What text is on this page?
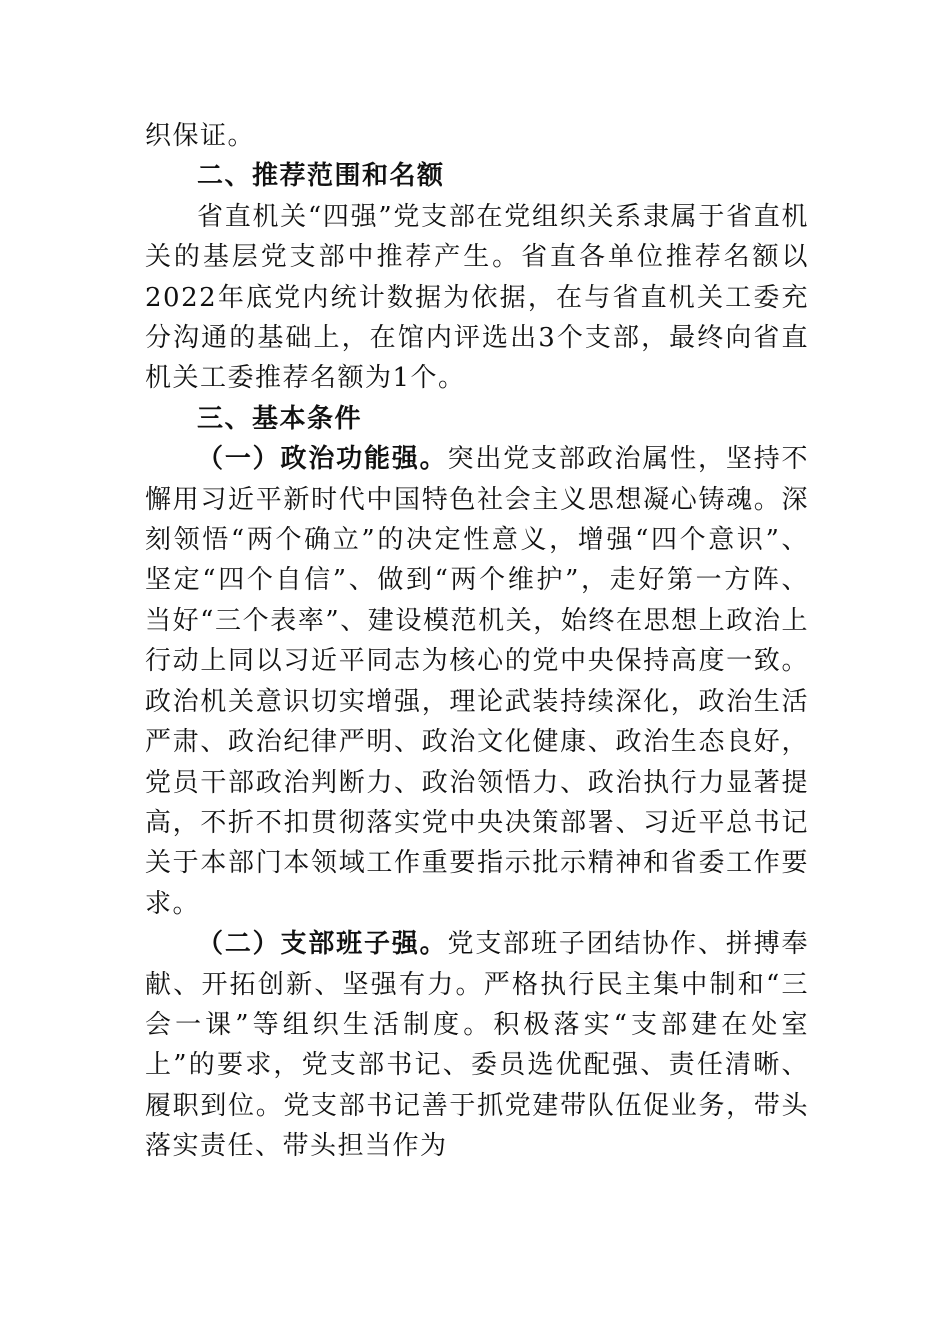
织保证。

二、推荐范围和名额

省直机关“四强”党支部在党组织关系隶属于省直机关的基层党支部中推荐产生。省直各单位推荐名额以2022年底党内统计数据为依据，在与省直机关工委充分沟通的基础上，在馆内评选出3个支部，最终向省直机关工委推荐名额为1个。

三、基本条件

（一）政治功能强。突出党支部政治属性，坚持不懈用习近平新时代中国特色社会主义思想凝心铸魂。深刻领悟“两个确立”的决定性意义，增强“四个意识”、坚定“四个自信”、做到“两个维护”，走好第一方阵、当好“三个表率”、建设模范机关，始终在思想上政治上行动上同以习近平同志为核心的党中央保持高度一致。政治机关意识切实增强，理论武装持续深化，政治生活严肃、政治纪律严明、政治文化健康、政治生态良好，党员干部政治判断力、政治领悟力、政治执行力显著提高，不折不扣贯彻落实党中央决策部署、习近平总书记关于本部门本领域工作重要指示批示精神和省委工作要求。

（二）支部班子强。党支部班子团结协作、拼搏奉献、开拓创新、坚强有力。严格执行民主集中制和“三会一课”等组织生活制度。积极落实“支部建在处室上”的要求，党支部书记、委员选优配强、责任清晰、履职到位。党支部书记善于抓党建带队伍促业务，带头落实责任、带头担当作为
